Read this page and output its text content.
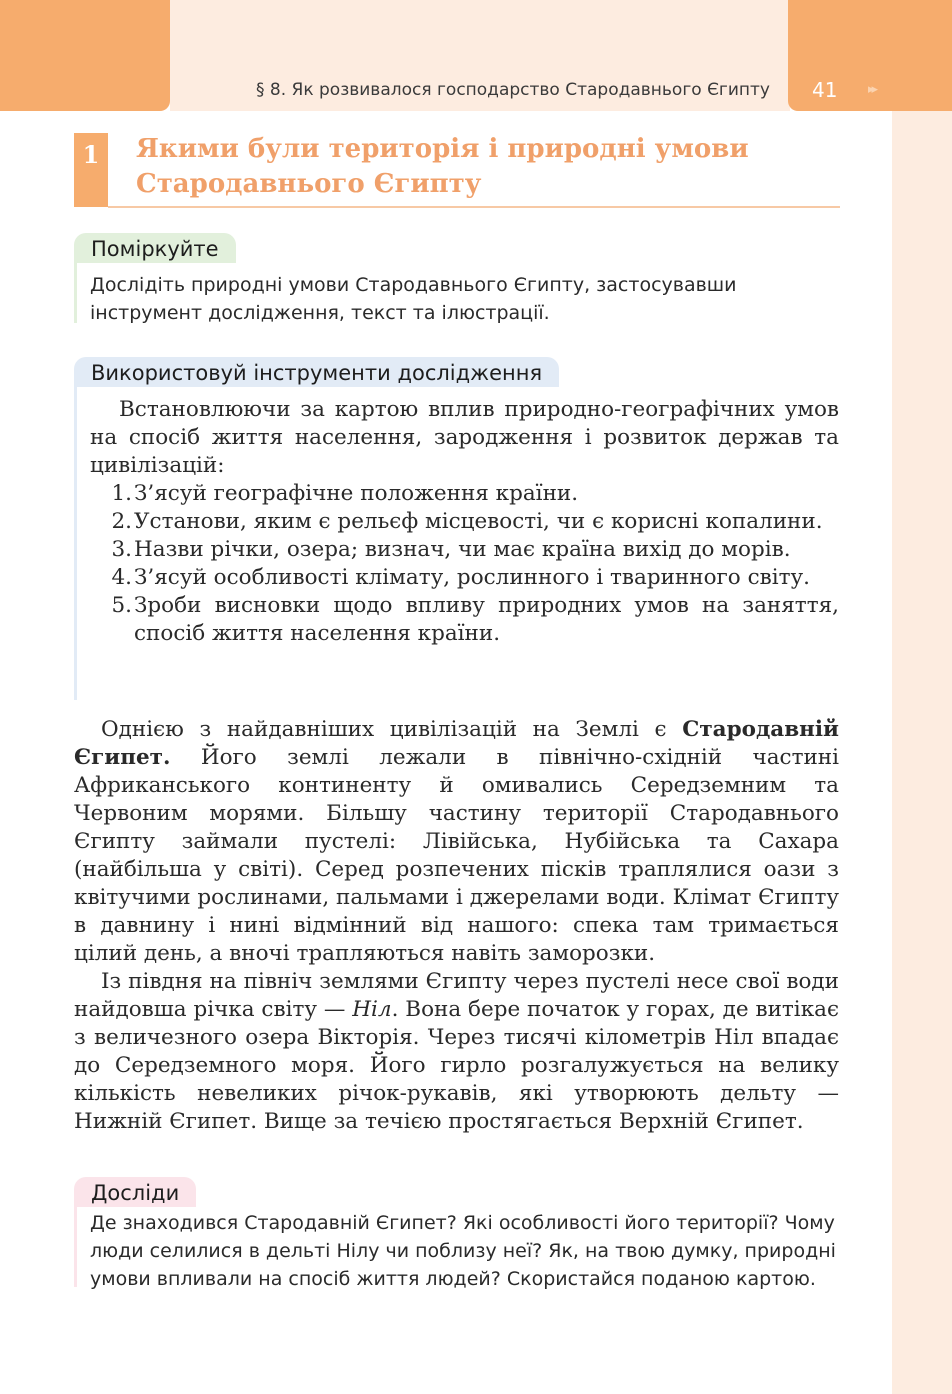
§ 8. Як розвивалося господарство Стародавнього Єгипту 41 ▸▸
1	Якими були територія і природні умови Стародавнього Єгипту
Поміркуйте
Дослідіть природні умови Стародавнього Єгипту, застосувавши інструмент дослідження, текст та ілюстрації.
Використовуй інструменти дослідження
Встановлюючи за картою вплив природно-географічних умов на спосіб життя населення, зародження і розвиток держав та цивілізацій:
1. З’ясуй географічне положення країни.
2. Установи, яким є рельєф місцевості, чи є корисні копалини.
3. Назви річки, озера; визнач, чи має країна вихід до морів.
4. З’ясуй особливості клімату, рослинного і тваринного світу.
5. Зроби висновки щодо впливу природних умов на заняття, спосіб життя населення країни.

Однією з найдавніших цивілізацій на Землі є Стародавній Єгипет. Його землі лежали в північно-східній частині Африканського континенту й омивались Середземним та Червоним морями. Більшу частину території Стародавнього Єгипту займали пустелі: Лівійська, Нубійська та Сахара (найбільша у світі). Серед розпечених пісків траплялися оази з квітучими рослинами, пальмами і джерелами води. Клімат Єгипту в давнину і нині відмінний від нашого: спека там тримається цілий день, а вночі трапляються навіть заморозки.

Із півдня на північ землями Єгипту через пустелі несе свої води найдовша річка світу — Ніл. Вона бере початок у горах, де витікає з величезного озера Вікторія. Через тисячі кілометрів Ніл впадає до Середземного моря. Його гирло розгалужується на велику кількість невеликих річок-рукавів, які утворюють дельту — Нижній Єгипет. Вище за течією простягається Верхній Єгипет.

Досліди
Де знаходився Стародавній Єгипет? Які особливості його території? Чому люди селилися в дельті Нілу чи поблизу неї? Як, на твою думку, природні умови впливали на спосіб життя людей? Скористайся поданою картою.
